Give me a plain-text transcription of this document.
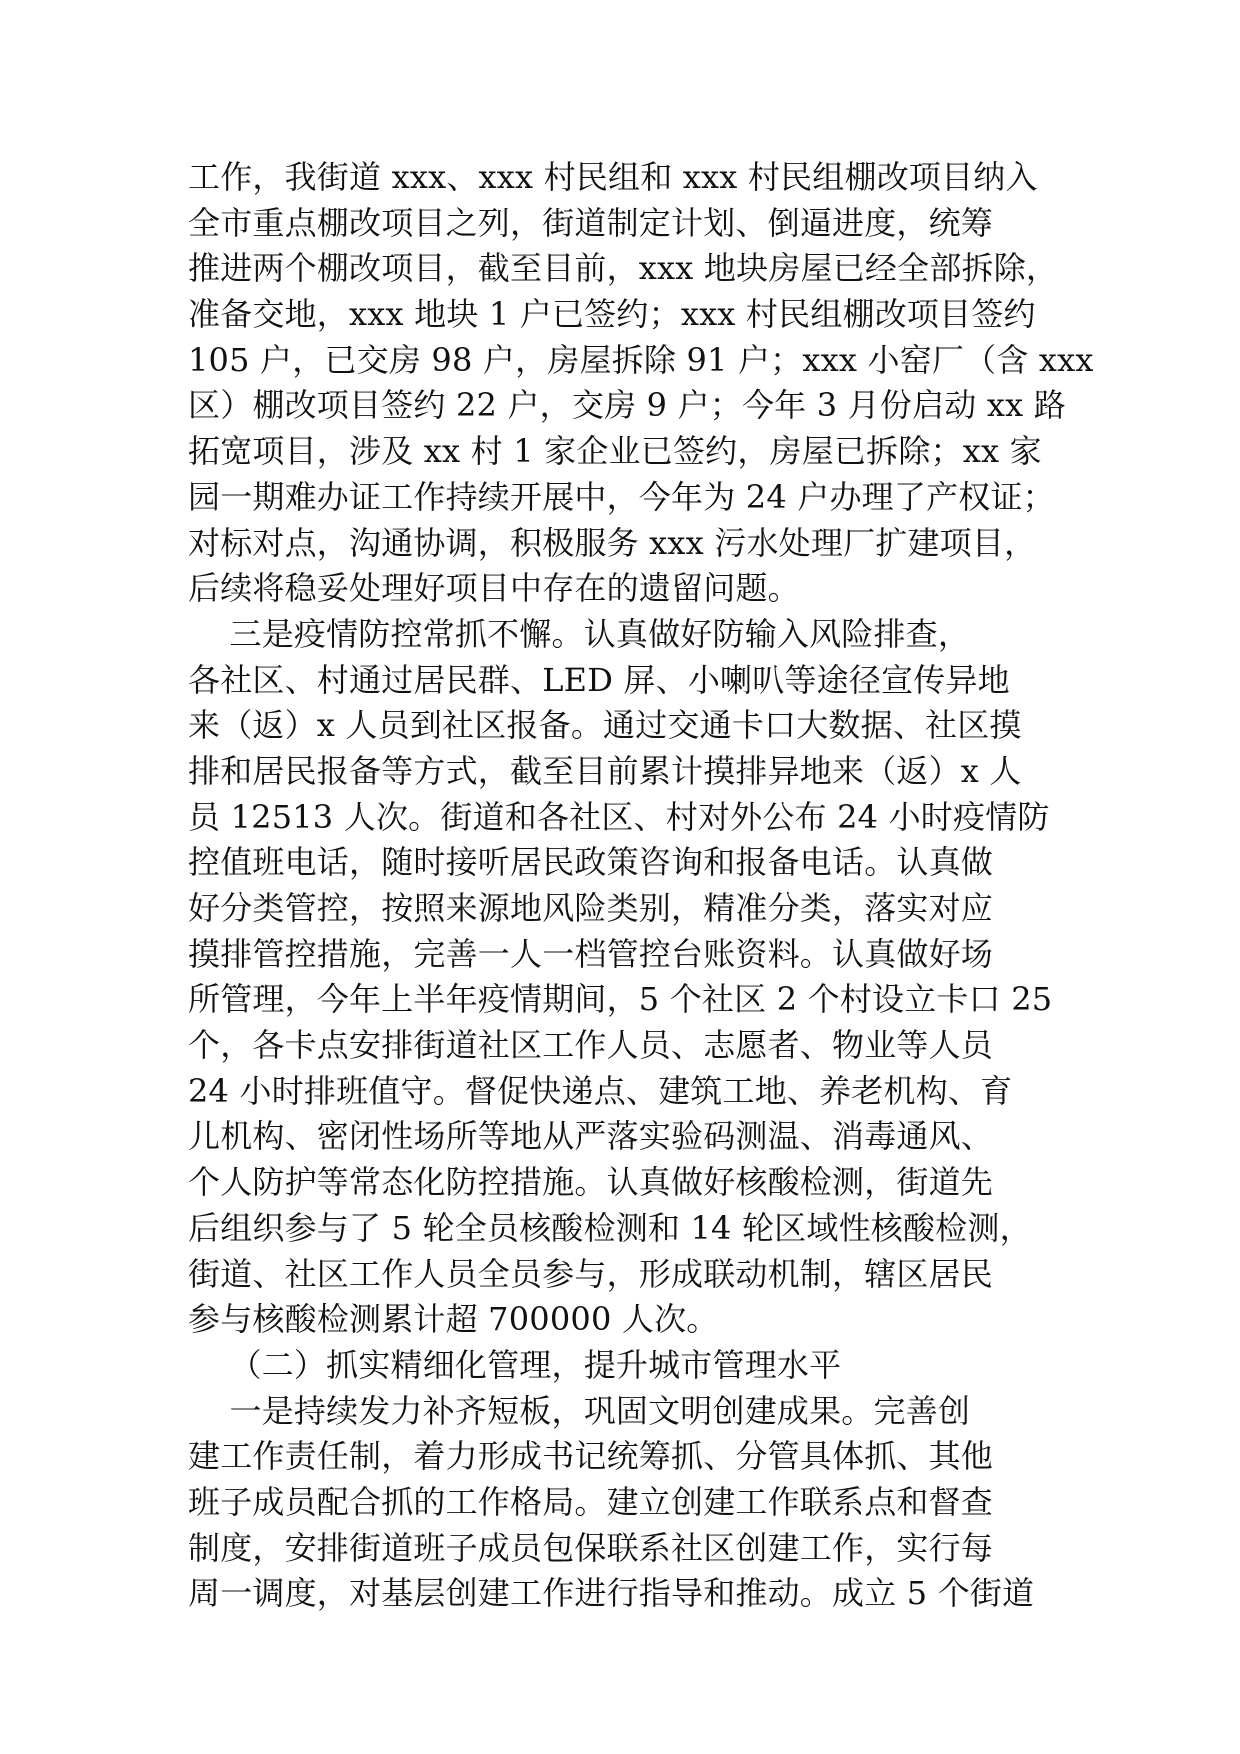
工作，我街道 xxx、xxx 村民组和 xxx 村民组棚改项目纳入
全市重点棚改项目之列，街道制定计划、倒逼进度，统筹
推进两个棚改项目，截至目前，xxx 地块房屋已经全部拆除，
准备交地，xxx 地块 1 户已签约；xxx 村民组棚改项目签约
105 户，已交房 98 户，房屋拆除 91 户；xxx 小窑厂（含 xxx
区）棚改项目签约 22 户，交房 9 户；今年 3 月份启动 xx 路
拓宽项目，涉及 xx 村 1 家企业已签约，房屋已拆除；xx 家
园一期难办证工作持续开展中，今年为 24 户办理了产权证；
对标对点，沟通协调，积极服务 xxx 污水处理厂扩建项目，
后续将稳妥处理好项目中存在的遗留问题。
三是疫情防控常抓不懈。认真做好防输入风险排查，
各社区、村通过居民群、LED 屏、小喇叭等途径宣传异地
来（返）x 人员到社区报备。通过交通卡口大数据、社区摸
排和居民报备等方式，截至目前累计摸排异地来（返）x 人
员 12513 人次。街道和各社区、村对外公布 24 小时疫情防
控值班电话，随时接听居民政策咨询和报备电话。认真做
好分类管控，按照来源地风险类别，精准分类，落实对应
摸排管控措施，完善一人一档管控台账资料。认真做好场
所管理，今年上半年疫情期间，5 个社区 2 个村设立卡口 25
个，各卡点安排街道社区工作人员、志愿者、物业等人员
24 小时排班值守。督促快递点、建筑工地、养老机构、育
儿机构、密闭性场所等地从严落实验码测温、消毒通风、
个人防护等常态化防控措施。认真做好核酸检测，街道先
后组织参与了 5 轮全员核酸检测和 14 轮区域性核酸检测，
街道、社区工作人员全员参与，形成联动机制，辖区居民
参与核酸检测累计超 700000 人次。
（二）抓实精细化管理，提升城市管理水平
一是持续发力补齐短板，巩固文明创建成果。完善创
建工作责任制，着力形成书记统筹抓、分管具体抓、其他
班子成员配合抓的工作格局。建立创建工作联系点和督查
制度，安排街道班子成员包保联系社区创建工作，实行每
周一调度，对基层创建工作进行指导和推动。成立 5 个街道
